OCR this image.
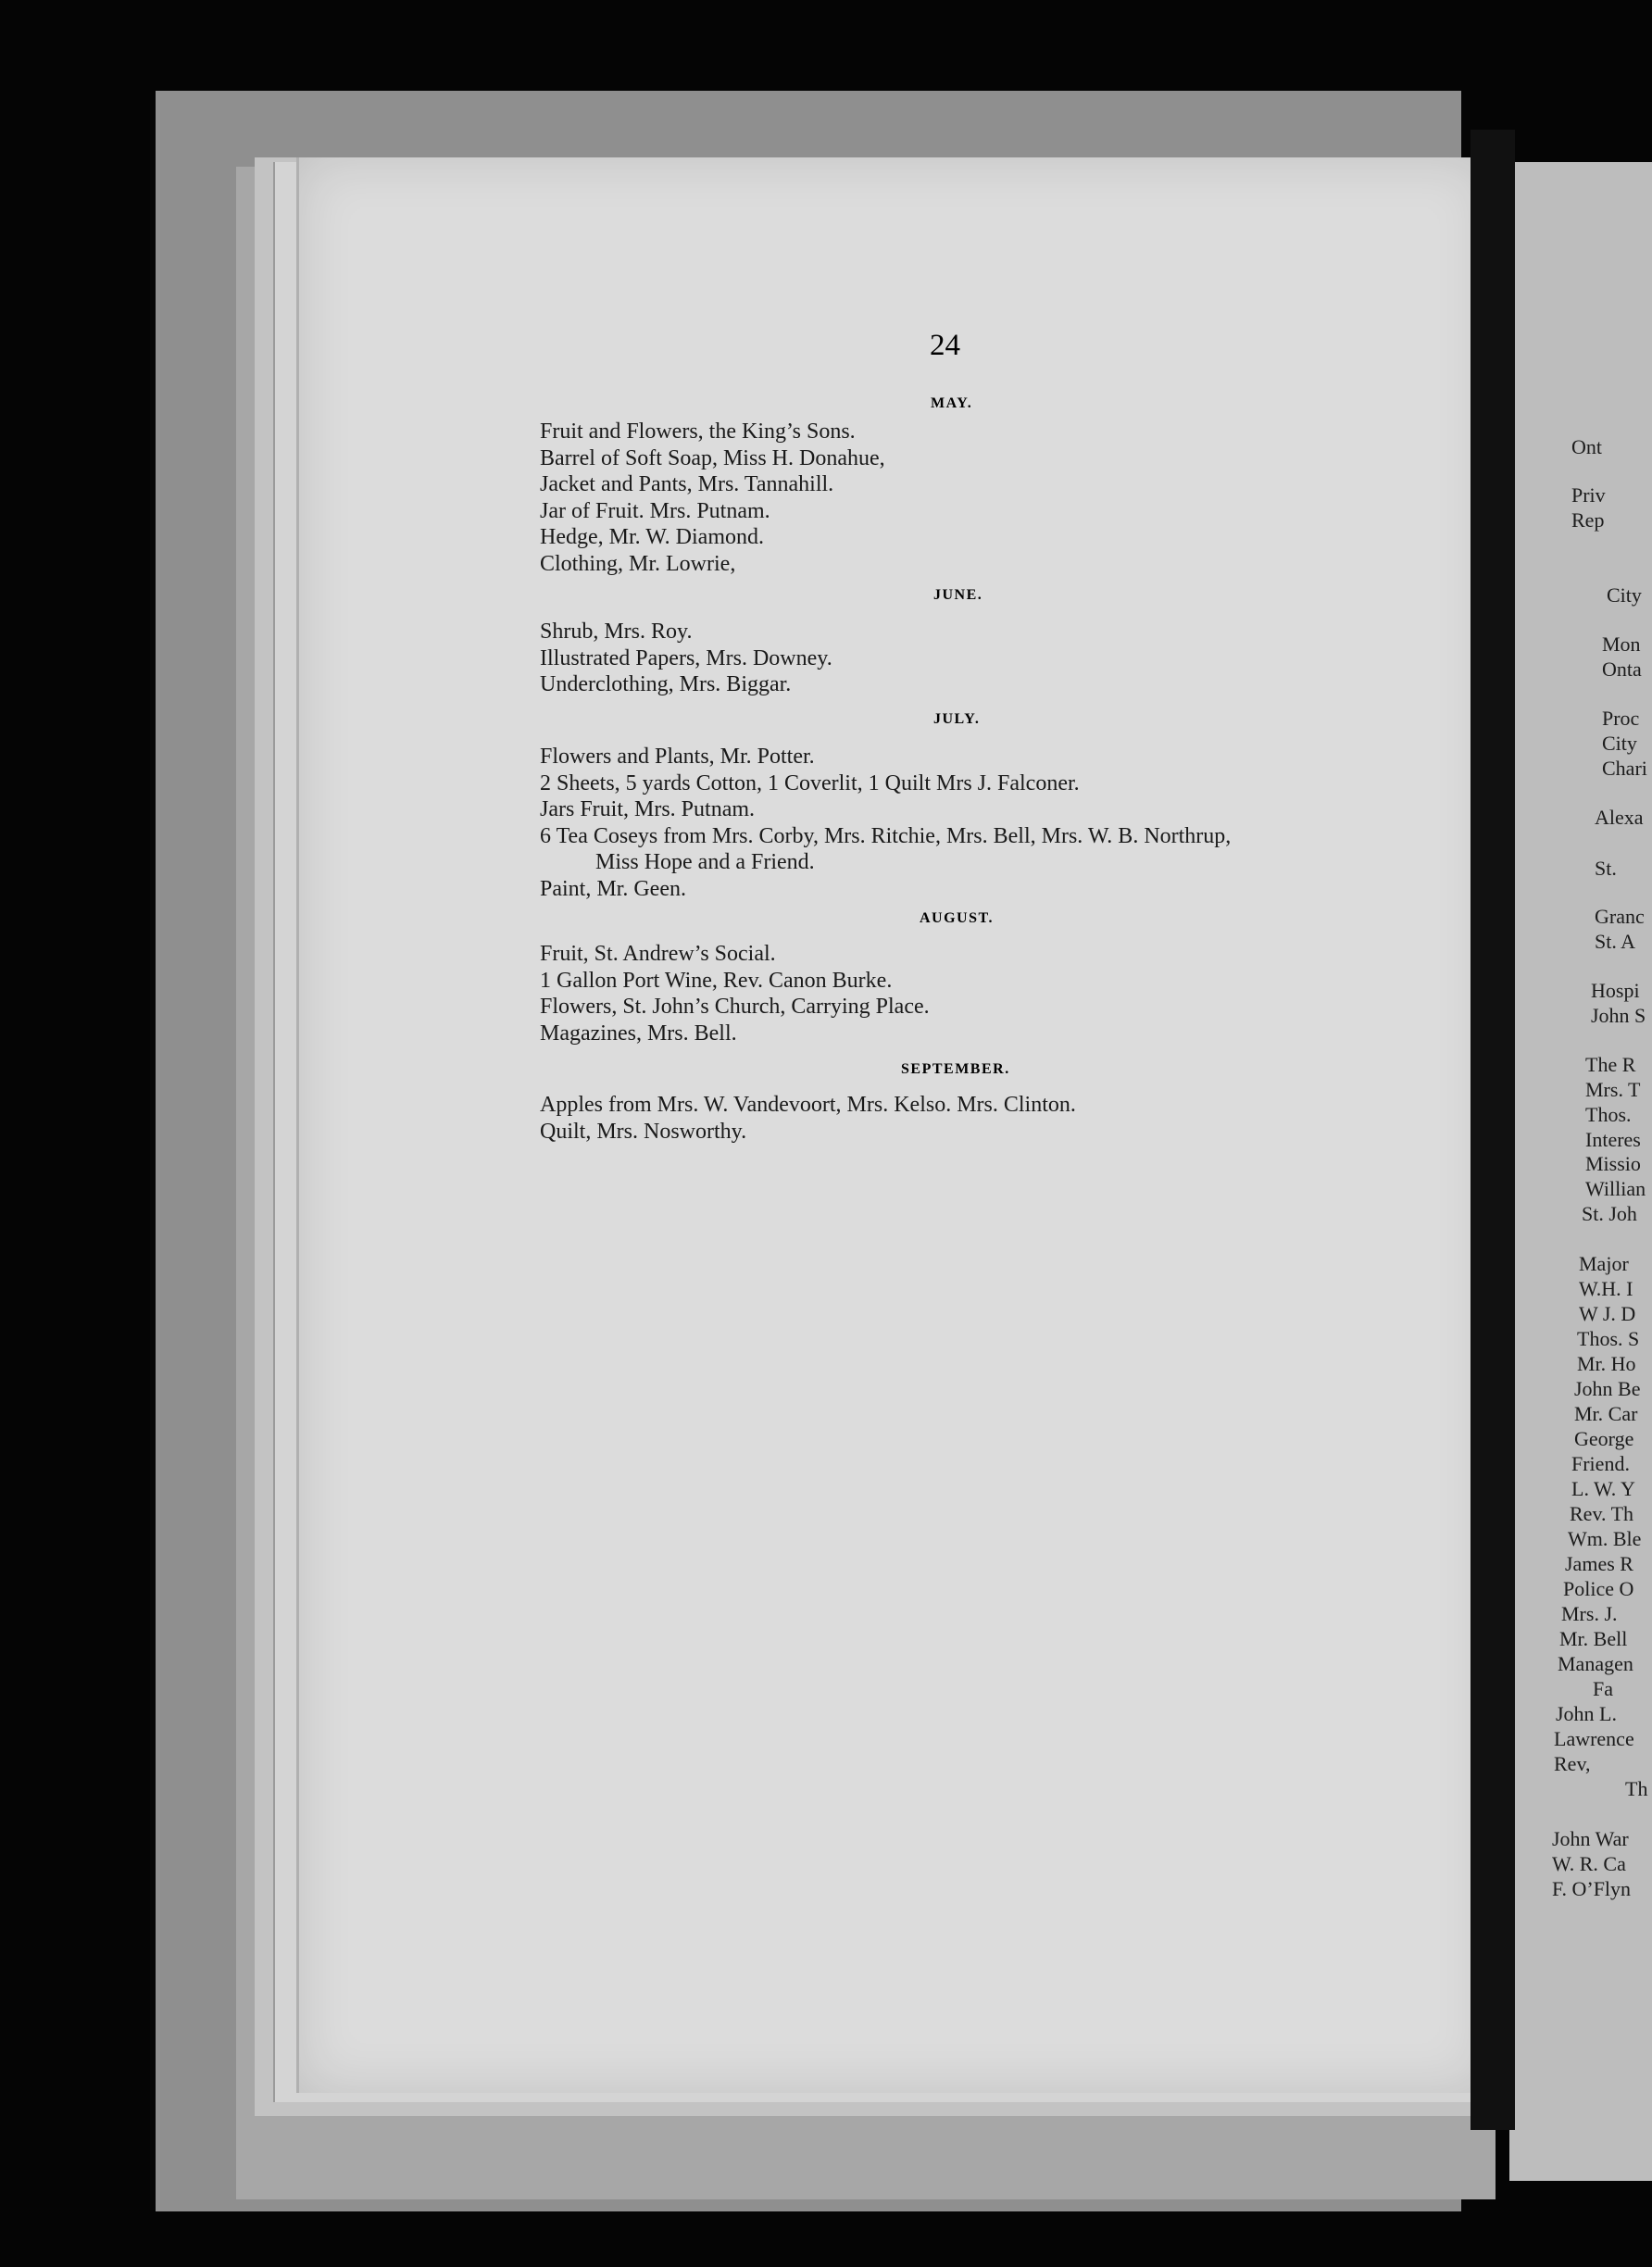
24
MAY.
Fruit and Flowers, the King’s Sons.
Barrel of Soft Soap, Miss H. Donahue,
Jacket and Pants, Mrs. Tannahill.
Jar of Fruit. Mrs. Putnam.
Hedge, Mr. W. Diamond.
Clothing, Mr. Lowrie,
JUNE.
Shrub, Mrs. Roy.
Illustrated Papers, Mrs. Downey.
Underclothing, Mrs. Biggar.
JULY.
Flowers and Plants, Mr. Potter.
2 Sheets, 5 yards Cotton, 1 Coverlit, 1 Quilt Mrs J. Falconer.
Jars Fruit, Mrs. Putnam.
6 Tea Coseys from Mrs. Corby, Mrs. Ritchie, Mrs. Bell, Mrs. W. B. Northrup,
Miss Hope and a Friend.
Paint, Mr. Geen.
AUGUST.
Fruit, St. Andrew’s Social.
1 Gallon Port Wine, Rev. Canon Burke.
Flowers, St. John’s Church, Carrying Place.
Magazines, Mrs. Bell.
SEPTEMBER.
Apples from Mrs. W. Vandevoort, Mrs. Kelso. Mrs. Clinton.
Quilt, Mrs. Nosworthy.
Ont
Priv
Rep
City
Mon
Onta
Proc
City
Chari
Alexa
St.
Granc
St. A
Hospi
John S
The R
Mrs. T
Thos.
Interes
Missio
Willian
St. Joh
Major
W.H. I
W J. D
Thos. S
Mr. Ho
John Be
Mr. Car
George
Friend.
L. W. Y
Rev. Th
Wm. Ble
James R
Police O
Mrs. J.
Mr. Bell
Managen
Fa
John L.
Lawrence
Rev,
Th
John War
W. R. Ca
F. O’Flyn
